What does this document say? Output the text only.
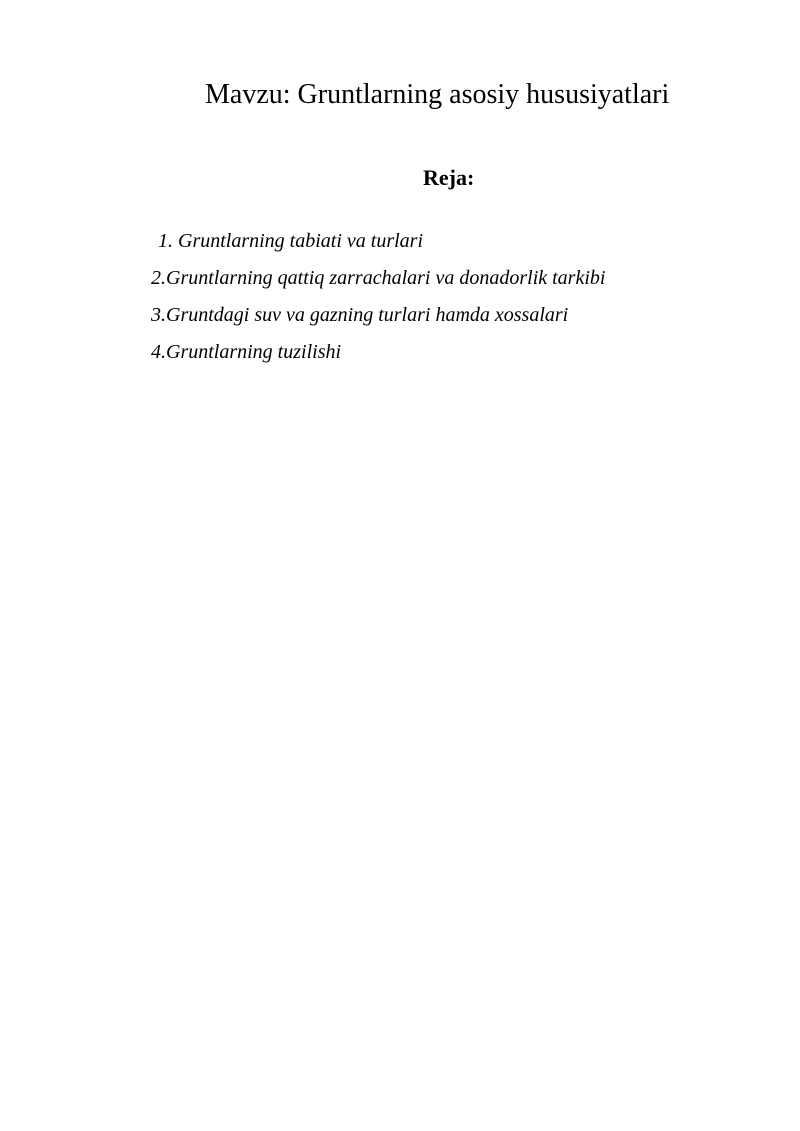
Mavzu: Gruntlarning asosiy hususiyatlari
Reja:
1. Gruntlarning tabiati va turlari
2.Gruntlarning qattiq zarrachalari va donadorlik tarkibi
3.Gruntdagi suv va gazning turlari hamda xossalari
4.Gruntlarning tuzilishi
